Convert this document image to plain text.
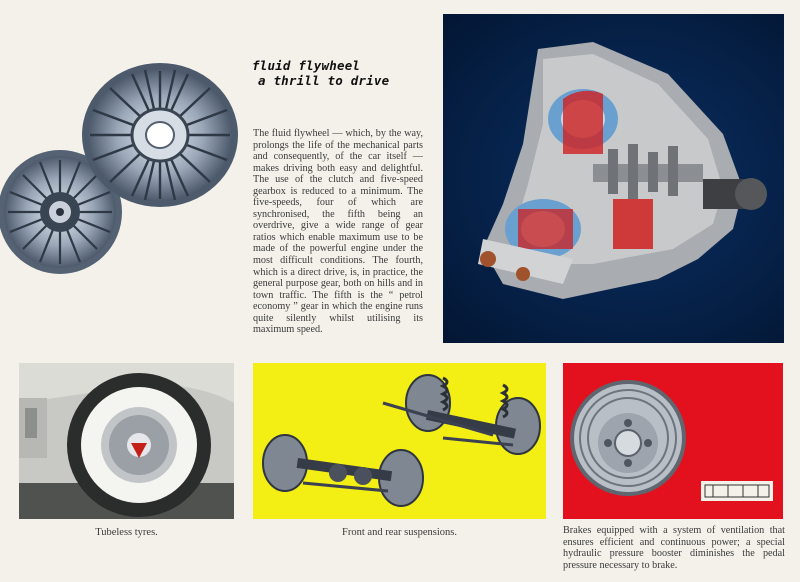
fluid flywheel
a thrill to drive
The fluid flywheel — which, by the way, prolongs the life of the mechanical parts and consequently, of the car itself — makes driving both easy and delightful. The use of the clutch and five-speed gearbox is reduced to a minimum. The five-speeds, four of which are synchronised, the fifth being an overdrive, give a wide range of gear ratios which enable maximum use to be made of the powerful engine under the most difficult conditions. The fourth, which is a direct drive, is, in practice, the general purpose gear, both on hills and in town traffic. The fifth is the “ petrol economy ” gear in which the engine runs quite silently whilst utilising its maximum speed.
Tubeless tyres.	Front and rear suspensions.	Brakes equipped with a system of ventilation that ensures efficient and continuous power; a special hydraulic pressure booster diminishes the pedal pressure necessary to brake.
